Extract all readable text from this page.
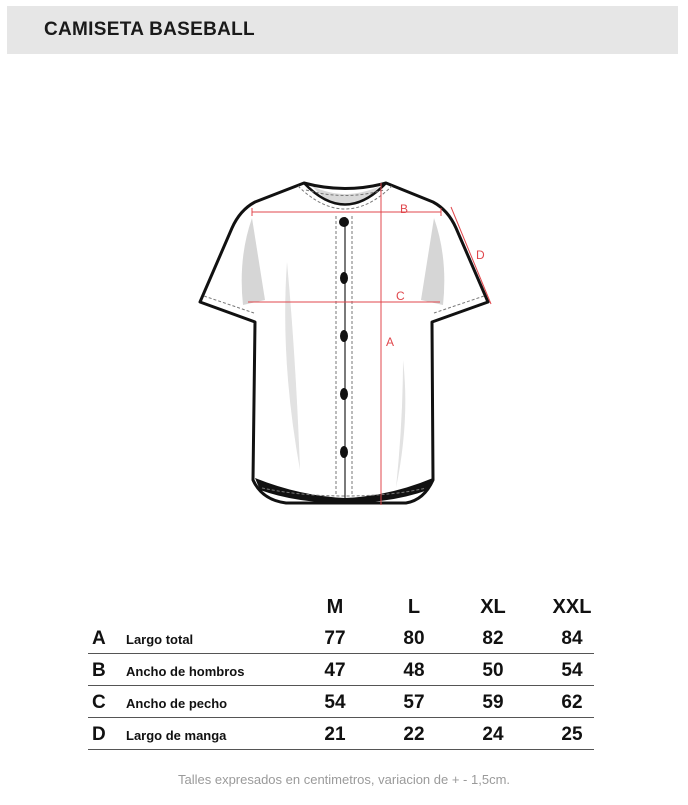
CAMISETA BASEBALL
B
C
A
D
M	L	XL	XXL
A Largo total	77	80	82	84
B Ancho de hombros	47	48	50	54
C Ancho de pecho	54	57	59	62
D Largo de manga	21	22	24	25
Talles expresados en centimetros, variacion de + - 1,5cm.
